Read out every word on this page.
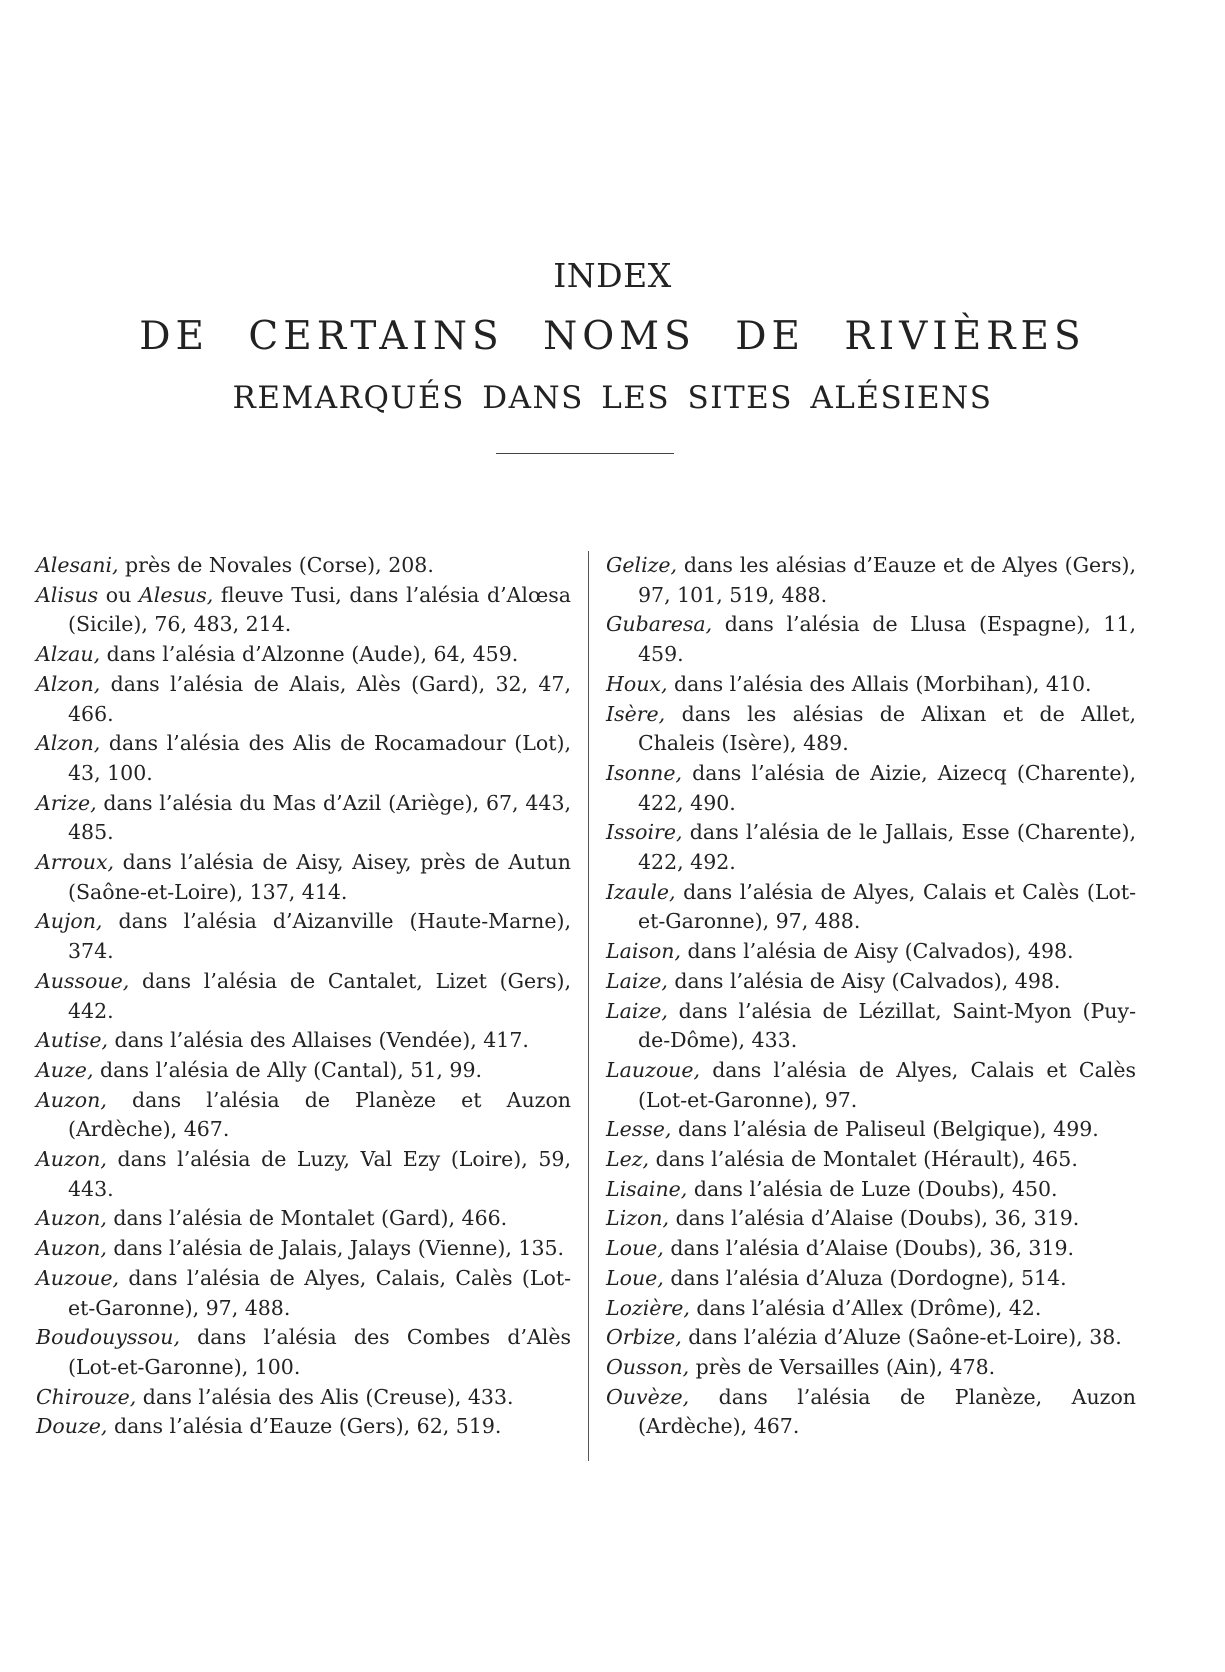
INDEX
DE CERTAINS NOMS DE RIVIÈRES
REMARQUÉS DANS LES SITES ALÉSIENS
Alesani, près de Novales (Corse), 208.
Alisus ou Alesus, fleuve Tusi, dans l’alésia d’Alœsa (Sicile), 76, 483, 214.
Alzau, dans l’alésia d’Alzonne (Aude), 64, 459.
Alzon, dans l’alésia de Alais, Alès (Gard), 32, 47, 466.
Alzon, dans l’alésia des Alis de Rocamadour (Lot), 43, 100.
Arize, dans l’alésia du Mas d’Azil (Ariège), 67, 443, 485.
Arroux, dans l’alésia de Aisy, Aisey, près de Autun (Saône-et-Loire), 137, 414.
Aujon, dans l’alésia d’Aizanville (Haute-Marne), 374.
Aussoue, dans l’alésia de Cantalet, Lizet (Gers), 442.
Autise, dans l’alésia des Allaises (Vendée), 417.
Auze, dans l’alésia de Ally (Cantal), 51, 99.
Auzon, dans l’alésia de Planèze et Auzon (Ardèche), 467.
Auzon, dans l’alésia de Luzy, Val Ezy (Loire), 59, 443.
Auzon, dans l’alésia de Montalet (Gard), 466.
Auzon, dans l’alésia de Jalais, Jalays (Vienne), 135.
Auzoue, dans l’alésia de Alyes, Calais, Calès (Lot-et-Garonne), 97, 488.
Boudouyssou, dans l’alésia des Combes d’Alès (Lot-et-Garonne), 100.
Chirouze, dans l’alésia des Alis (Creuse), 433.
Douze, dans l’alésia d’Eauze (Gers), 62, 519.
Gelize, dans les alésias d’Eauze et de Alyes (Gers), 97, 101, 519, 488.
Gubaresa, dans l’alésia de Llusa (Espagne), 11, 459.
Houx, dans l’alésia des Allais (Morbihan), 410.
Isère, dans les alésias de Alixan et de Allet, Chaleis (Isère), 489.
Isonne, dans l’alésia de Aizie, Aizecq (Charente), 422, 490.
Issoire, dans l’alésia de le Jallais, Esse (Charente), 422, 492.
Izaule, dans l’alésia de Alyes, Calais et Calès (Lot-et-Garonne), 97, 488.
Laison, dans l’alésia de Aisy (Calvados), 498.
Laize, dans l’alésia de Aisy (Calvados), 498.
Laize, dans l’alésia de Lézillat, Saint-Myon (Puy-de-Dôme), 433.
Lauzoue, dans l’alésia de Alyes, Calais et Calès (Lot-et-Garonne), 97.
Lesse, dans l’alésia de Paliseul (Belgique), 499.
Lez, dans l’alésia de Montalet (Hérault), 465.
Lisaine, dans l’alésia de Luze (Doubs), 450.
Lizon, dans l’alésia d’Alaise (Doubs), 36, 319.
Loue, dans l’alésia d’Alaise (Doubs), 36, 319.
Loue, dans l’alésia d’Aluza (Dordogne), 514.
Lozière, dans l’alésia d’Allex (Drôme), 42.
Orbize, dans l’alézia d’Aluze (Saône-et-Loire), 38.
Ousson, près de Versailles (Ain), 478.
Ouvèze, dans l’alésia de Planèze, Auzon (Ardèche), 467.
